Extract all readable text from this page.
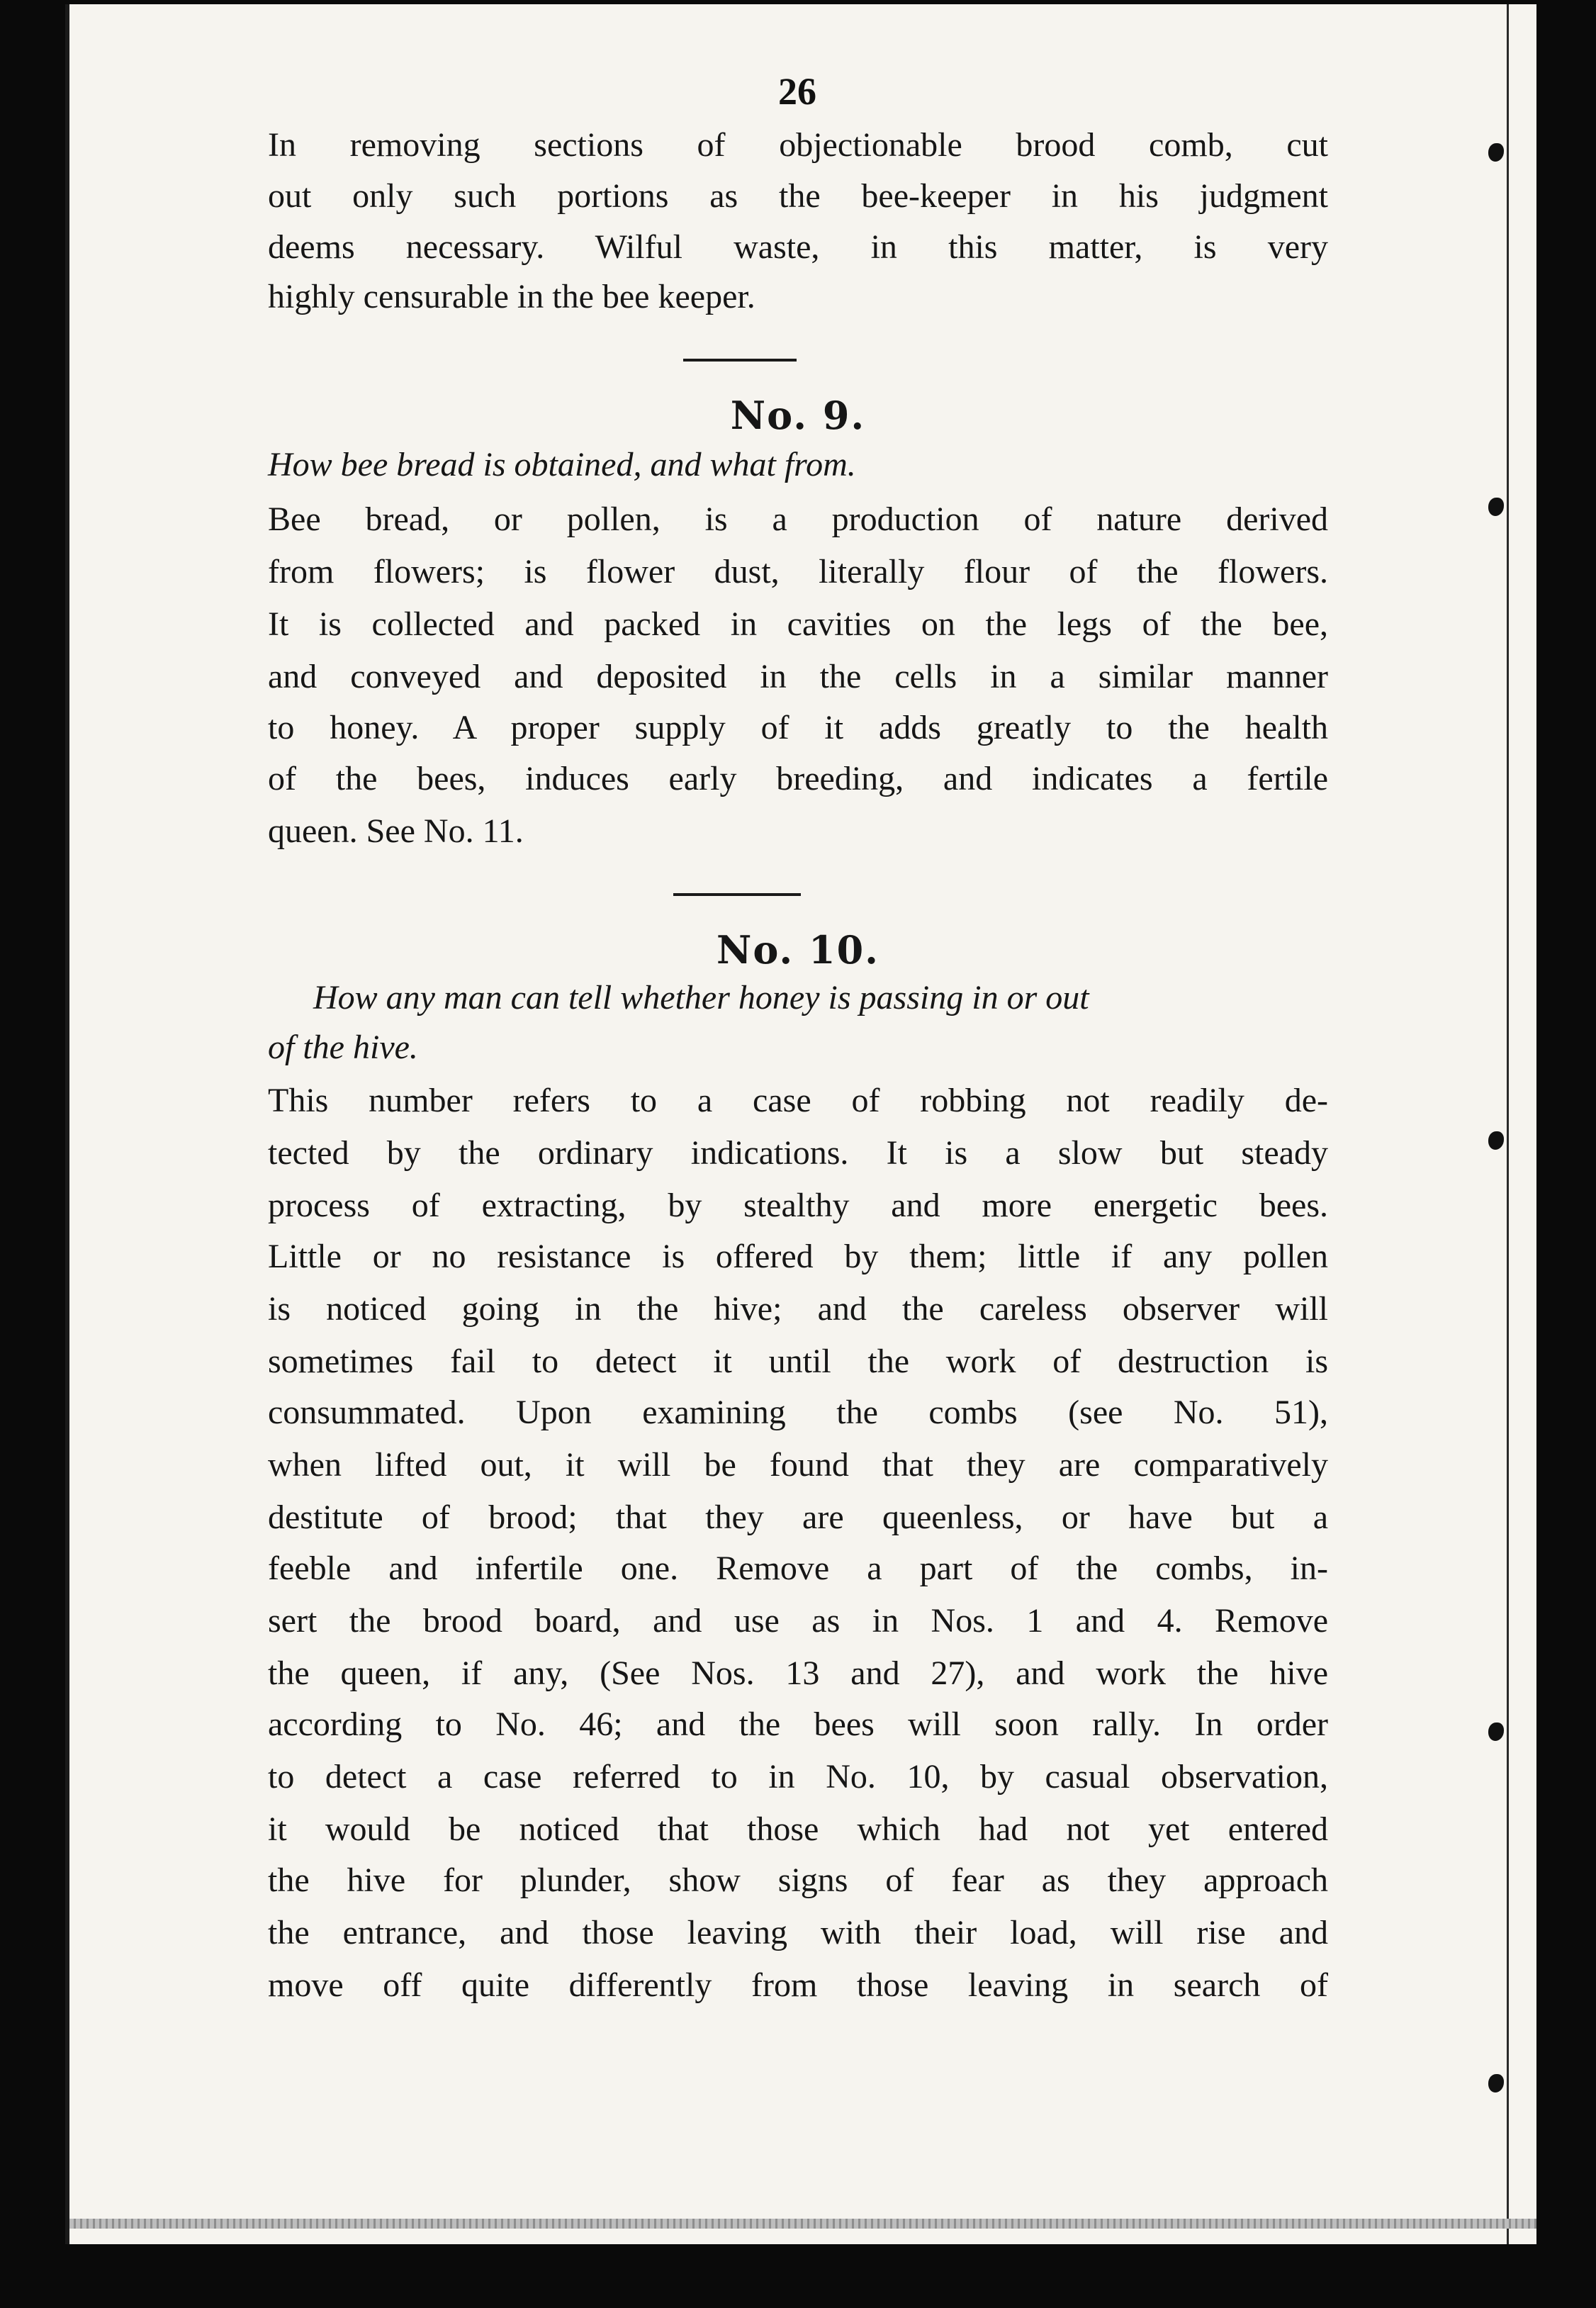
26
In removing sections of objectionable brood comb, cut
out only such portions as the bee-keeper in his judgment
deems necessary. Wilful waste, in this matter, is very
highly censurable in the bee keeper.
No. 9.
How bee bread is obtained, and what from.
Bee bread, or pollen, is a production of nature derived
from flowers; is flower dust, literally flour of the flowers.
It is collected and packed in cavities on the legs of the bee,
and conveyed and deposited in the cells in a similar manner
to honey. A proper supply of it adds greatly to the health
of the bees, induces early breeding, and indicates a fertile
queen. See No. 11.
No. 10.
How any man can tell whether honey is passing in or out
of the hive.
This number refers to a case of robbing not readily de-
tected by the ordinary indications. It is a slow but steady
process of extracting, by stealthy and more energetic bees.
Little or no resistance is offered by them; little if any pollen
is noticed going in the hive; and the careless observer will
sometimes fail to detect it until the work of destruction is
consummated. Upon examining the combs (see No. 51),
when lifted out, it will be found that they are comparatively
destitute of brood; that they are queenless, or have but a
feeble and infertile one. Remove a part of the combs, in-
sert the brood board, and use as in Nos. 1 and 4. Remove
the queen, if any, (See Nos. 13 and 27), and work the hive
according to No. 46; and the bees will soon rally. In order
to detect a case referred to in No. 10, by casual observation,
it would be noticed that those which had not yet entered
the hive for plunder, show signs of fear as they approach
the entrance, and those leaving with their load, will rise and
move off quite differently from those leaving in search of
